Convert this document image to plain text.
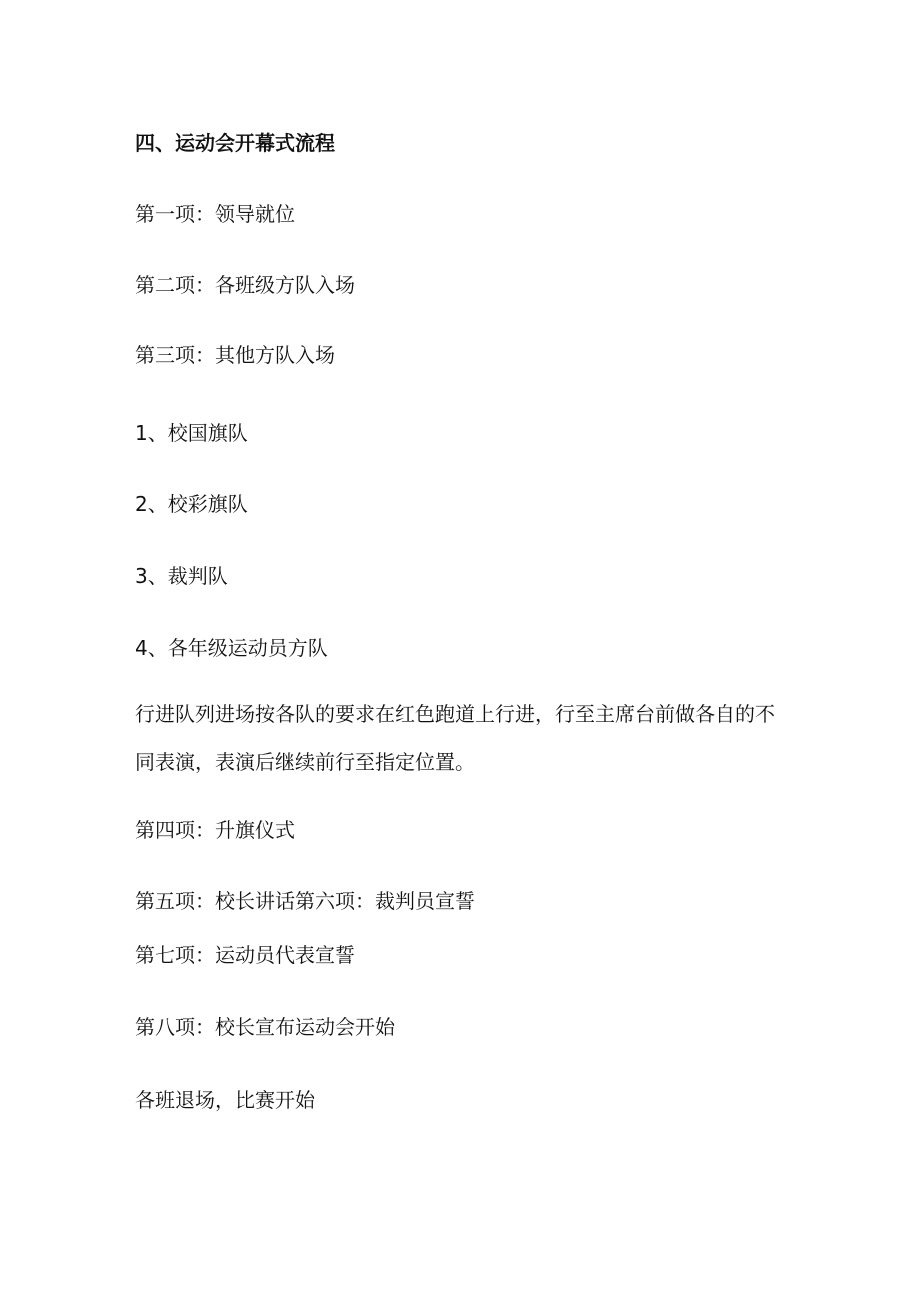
四、运动会开幕式流程

第一项：领导就位

第二项：各班级方队入场

第三项：其他方队入场

1、校国旗队

2、校彩旗队

3、裁判队

4、各年级运动员方队

行进队列进场按各队的要求在红色跑道上行进，行至主席台前做各自的不同表演，表演后继续前行至指定位置。

第四项：升旗仪式

第五项：校长讲话第六项：裁判员宣誓

第七项：运动员代表宣誓

第八项：校长宣布运动会开始

各班退场，比赛开始
